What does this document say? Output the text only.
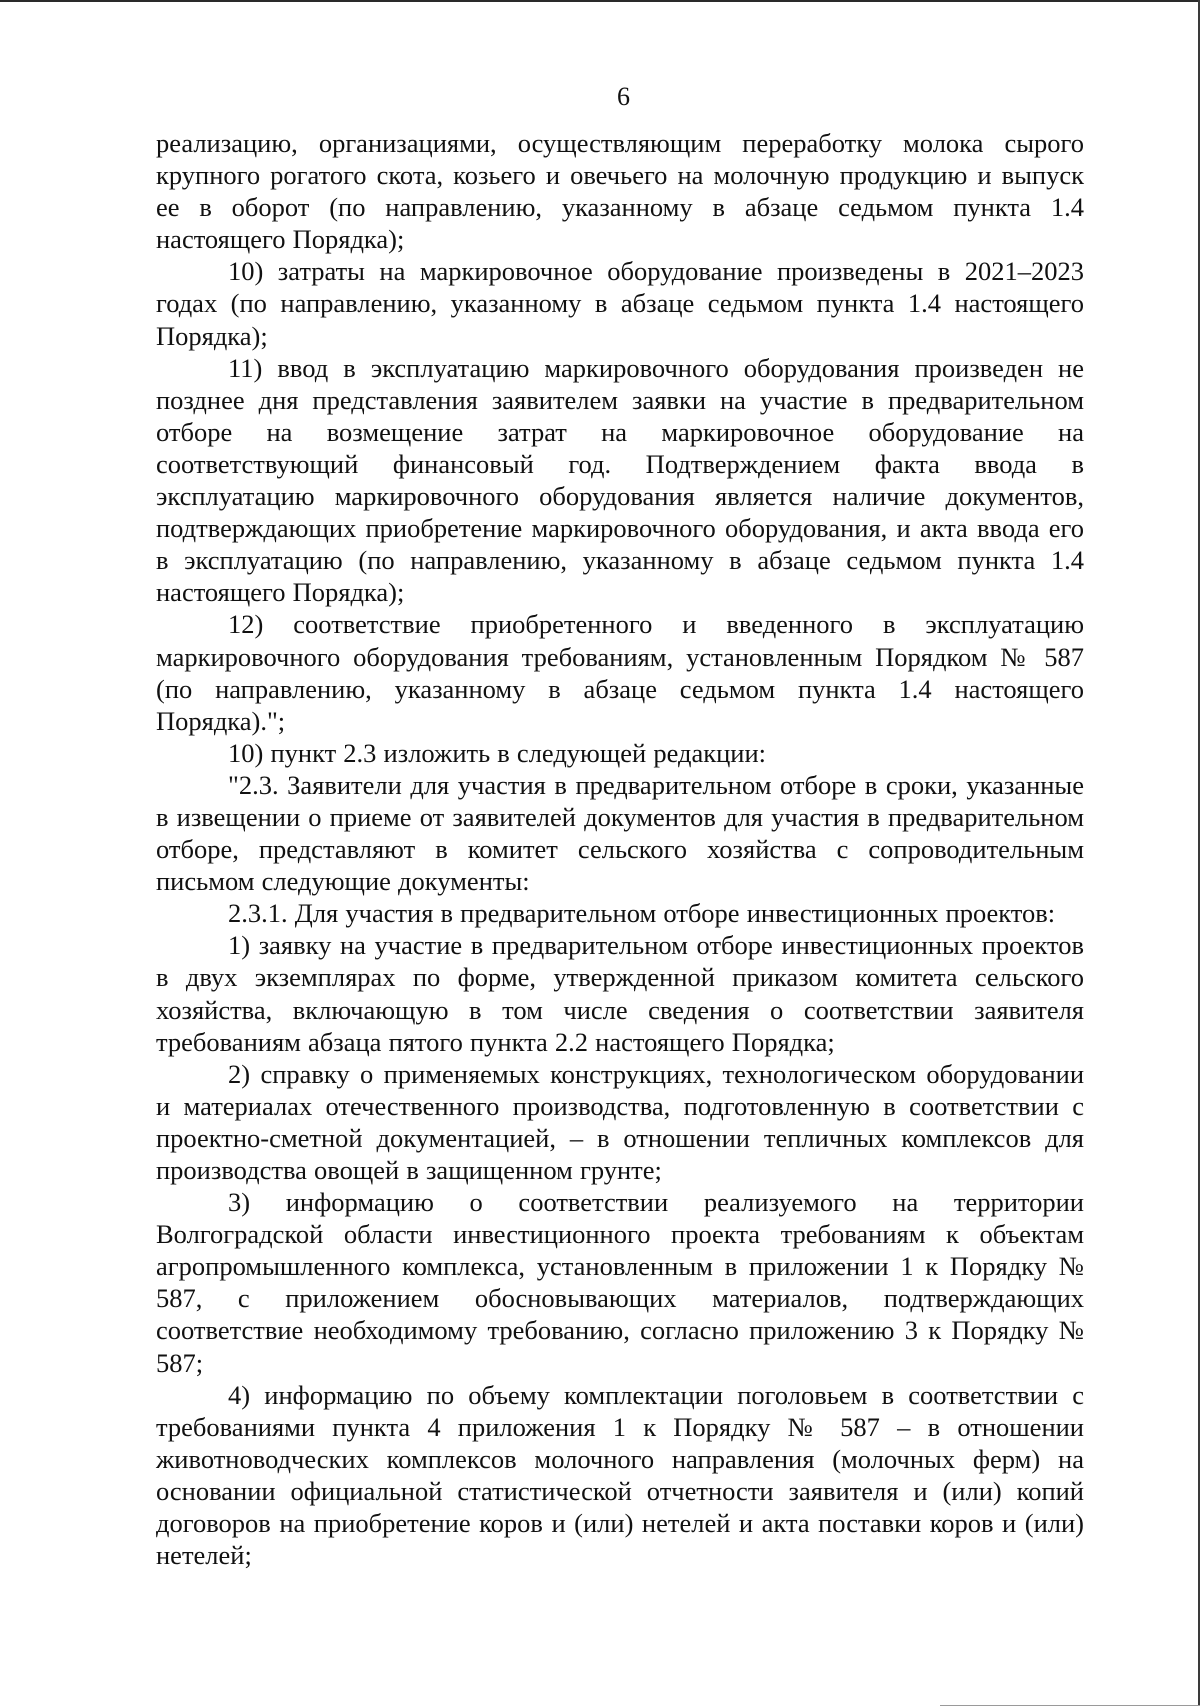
6

реализацию, организациями, осуществляющим переработку молока сырого крупного рогатого скота, козьего и овечьего на молочную продукцию и выпуск ее в оборот (по направлению, указанному в абзаце седьмом пункта 1.4 настоящего Порядка);

10) затраты на маркировочное оборудование произведены в 2021–2023 годах (по направлению, указанному в абзаце седьмом пункта 1.4 настоящего Порядка);

11) ввод в эксплуатацию маркировочного оборудования произведен не позднее дня представления заявителем заявки на участие в предварительном отборе на возмещение затрат на маркировочное оборудование на соответствующий финансовый год. Подтверждением факта ввода в эксплуатацию маркировочного оборудования является наличие документов, подтверждающих приобретение маркировочного оборудования, и акта ввода его в эксплуатацию (по направлению, указанному в абзаце седьмом пункта 1.4 настоящего Порядка);

12) соответствие приобретенного и введенного в эксплуатацию маркировочного оборудования требованиям, установленным Порядком № 587 (по направлению, указанному в абзаце седьмом пункта 1.4 настоящего Порядка).";

10) пункт 2.3 изложить в следующей редакции:

"2.3. Заявители для участия в предварительном отборе в сроки, указанные в извещении о приеме от заявителей документов для участия в предварительном отборе, представляют в комитет сельского хозяйства с сопроводительным письмом следующие документы:

2.3.1. Для участия в предварительном отборе инвестиционных проектов:

1) заявку на участие в предварительном отборе инвестиционных проектов в двух экземплярах по форме, утвержденной приказом комитета сельского хозяйства, включающую в том числе сведения о соответствии заявителя требованиям абзаца пятого пункта 2.2 настоящего Порядка;

2) справку о применяемых конструкциях, технологическом оборудовании и материалах отечественного производства, подготовленную в соответствии с проектно-сметной документацией, – в отношении тепличных комплексов для производства овощей в защищенном грунте;

3) информацию о соответствии реализуемого на территории Волгоградской области инвестиционного проекта требованиям к объектам агропромышленного комплекса, установленным в приложении 1 к Порядку № 587, с приложением обосновывающих материалов, подтверждающих соответствие необходимому требованию, согласно приложению 3 к Порядку № 587;

4) информацию по объему комплектации поголовьем в соответствии с требованиями пункта 4 приложения 1 к Порядку № 587 – в отношении животноводческих комплексов молочного направления (молочных ферм) на основании официальной статистической отчетности заявителя и (или) копий договоров на приобретение коров и (или) нетелей и акта поставки коров и (или) нетелей;
